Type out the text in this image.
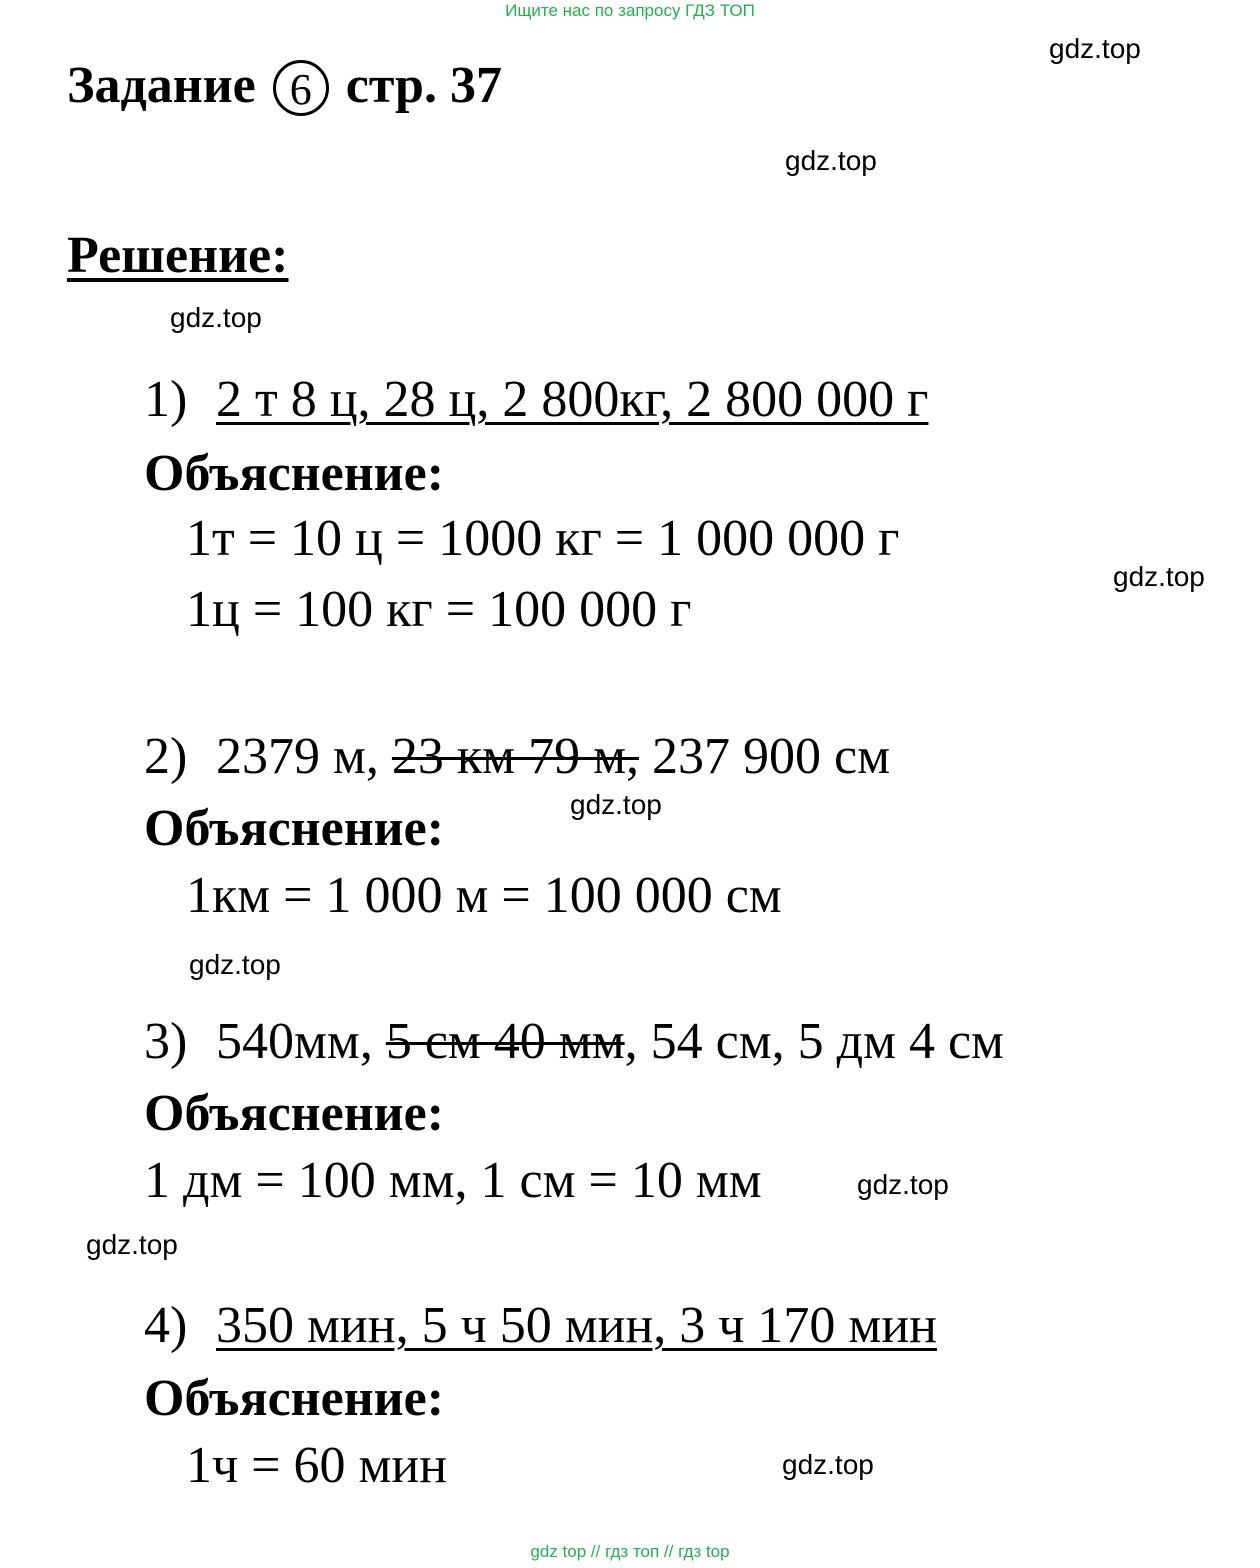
Ищите нас по запросу ГДЗ ТОП
Задание 6 стр. 37
Решение:
1) 2 т 8 ц, 28 ц, 2 800кг, 2 800 000 г
Объяснение:
1т = 10 ц = 1000 кг = 1 000 000 г
1ц = 100 кг = 100 000 г
2) 2379 м, 23 км 79 м, 237 900 см
Объяснение:
1км = 1 000 м = 100 000 см
3) 540мм, 5 см 40 мм, 54 см, 5 дм 4 см
Объяснение:
1 дм = 100 мм, 1 см = 10 мм
4) 350 мин, 5 ч 50 мин, 3 ч 170 мин
Объяснение:
1ч = 60 мин
gdz.top
gdz.top
gdz.top
gdz.top
gdz.top
gdz.top
gdz.top
gdz.top
gdz.top
gdz top // гдз топ // гдз top
